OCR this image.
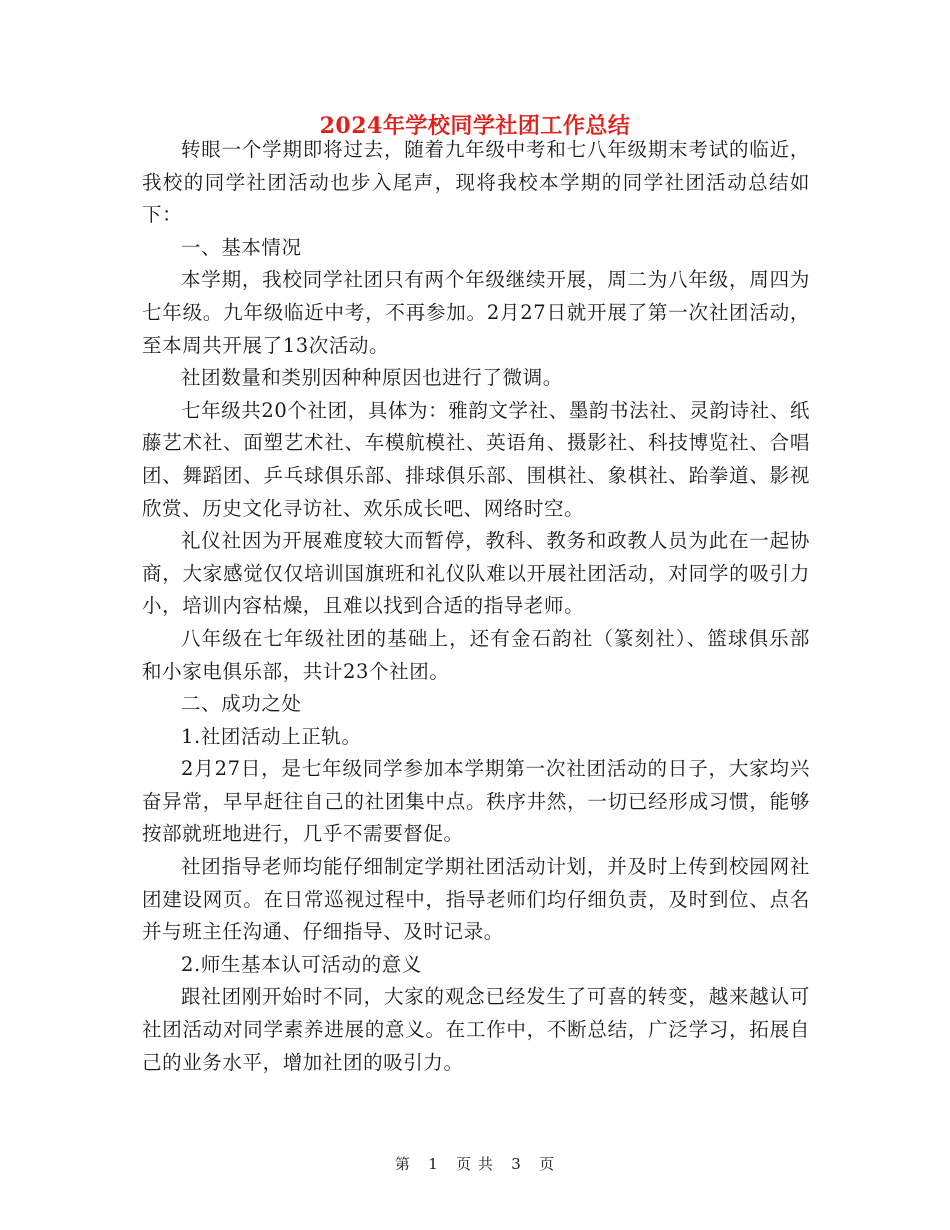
2024年学校同学社团工作总结

转眼一个学期即将过去，随着九年级中考和七八年级期末考试的临近，我校的同学社团活动也步入尾声，现将我校本学期的同学社团活动总结如下：

一、基本情况

本学期，我校同学社团只有两个年级继续开展，周二为八年级，周四为七年级。九年级临近中考，不再参加。2月27日就开展了第一次社团活动，至本周共开展了13次活动。

社团数量和类别因种种原因也进行了微调。

七年级共20个社团，具体为：雅韵文学社、墨韵书法社、灵韵诗社、纸藤艺术社、面塑艺术社、车模航模社、英语角、摄影社、科技博览社、合唱团、舞蹈团、乒乓球俱乐部、排球俱乐部、围棋社、象棋社、跆拳道、影视欣赏、历史文化寻访社、欢乐成长吧、网络时空。

礼仪社因为开展难度较大而暂停，教科、教务和政教人员为此在一起协商，大家感觉仅仅培训国旗班和礼仪队难以开展社团活动，对同学的吸引力小，培训内容枯燥，且难以找到合适的指导老师。

八年级在七年级社团的基础上，还有金石韵社（篆刻社）、篮球俱乐部和小家电俱乐部，共计23个社团。

二、成功之处

1.社团活动上正轨。

2月27日，是七年级同学参加本学期第一次社团活动的日子，大家均兴奋异常，早早赶往自己的社团集中点。秩序井然，一切已经形成习惯，能够按部就班地进行，几乎不需要督促。

社团指导老师均能仔细制定学期社团活动计划，并及时上传到校园网社团建设网页。在日常巡视过程中，指导老师们均仔细负责，及时到位、点名并与班主任沟通、仔细指导、及时记录。

2.师生基本认可活动的意义

跟社团刚开始时不同，大家的观念已经发生了可喜的转变，越来越认可社团活动对同学素养进展的意义。在工作中，不断总结，广泛学习，拓展自己的业务水平，增加社团的吸引力。

第 1 页 共 3 页
